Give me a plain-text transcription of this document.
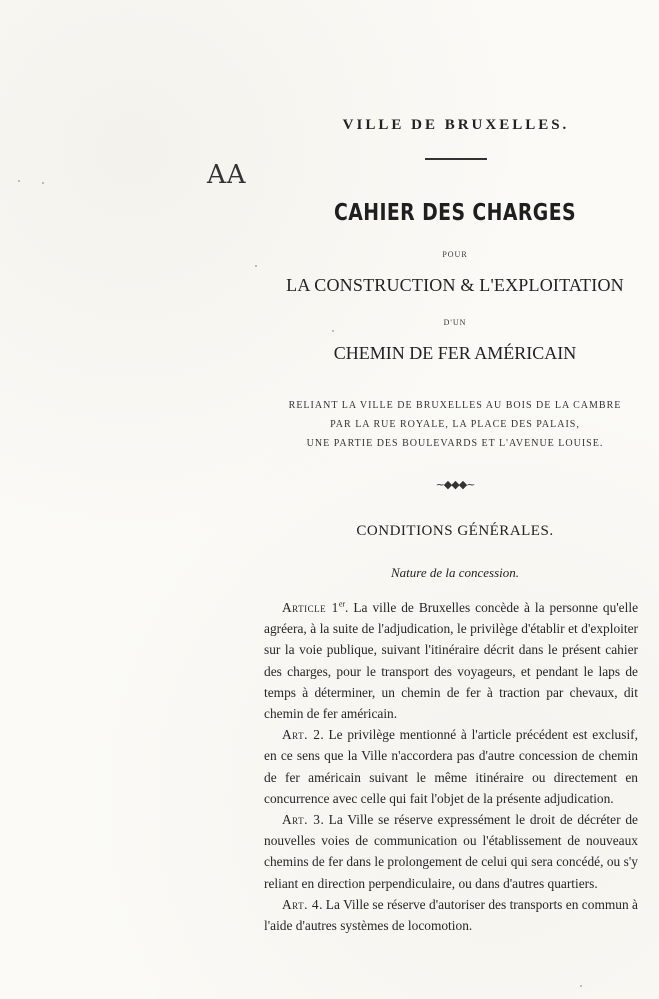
AA
VILLE DE BRUXELLES.
CAHIER DES CHARGES
POUR
LA CONSTRUCTION & L'EXPLOITATION
D'UN
CHEMIN DE FER AMÉRICAIN
RELIANT LA VILLE DE BRUXELLES AU BOIS DE LA CAMBRE
PAR LA RUE ROYALE, LA PLACE DES PALAIS,
UNE PARTIE DES BOULEVARDS ET L'AVENUE LOUISE.
~◆◆◆~
CONDITIONS GÉNÉRALES.
Nature de la concession.

Article 1er. La ville de Bruxelles concède à la personne qu'elle agréera, à la suite de l'adjudication, le privilège d'établir et d'exploiter sur la voie publique, suivant l'itinéraire décrit dans le présent cahier des charges, pour le transport des voyageurs, et pendant le laps de temps à déterminer, un chemin de fer à traction par chevaux, dit chemin de fer américain.

Art. 2. Le privilège mentionné à l'article précédent est exclusif, en ce sens que la Ville n'accordera pas d'autre concession de chemin de fer américain suivant le même itinéraire ou directement en concurrence avec celle qui fait l'objet de la présente adjudication.

Art. 3. La Ville se réserve expressément le droit de décréter de nouvelles voies de communication ou l'établissement de nouveaux chemins de fer dans le prolongement de celui qui sera concédé, ou s'y reliant en direction perpendiculaire, ou dans d'autres quartiers.

Art. 4. La Ville se réserve d'autoriser des transports en commun à l'aide d'autres systèmes de locomotion.
